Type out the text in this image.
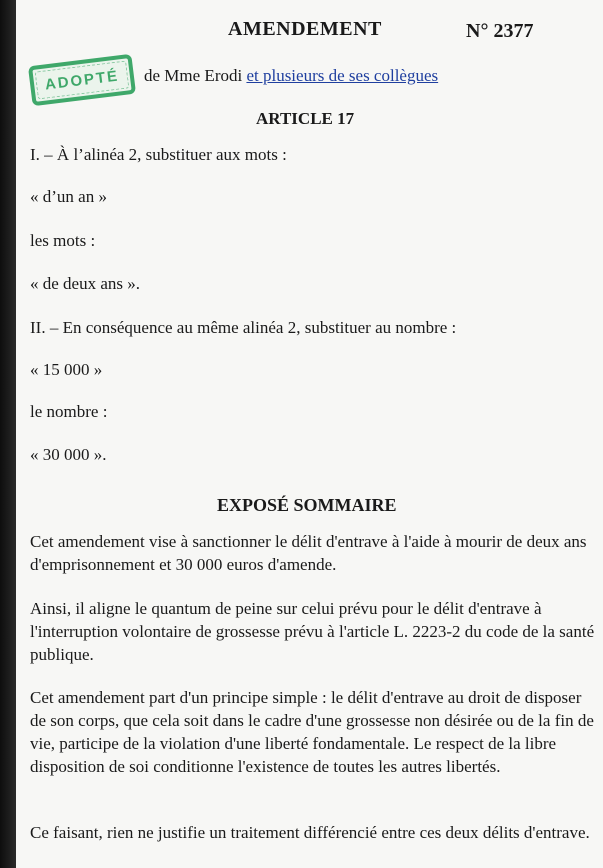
AMENDEMENT	N° 2377
ADOPTÉ de Mme Erodi et plusieurs de ses collègues
ARTICLE 17
I. – À l’alinéa 2, substituer aux mots :
« d’un an »
les mots :
« de deux ans ».
II. – En conséquence au même alinéa 2, substituer au nombre :
« 15 000 »
le nombre :
« 30 000 ».
EXPOSÉ SOMMAIRE
Cet amendement vise à sanctionner le délit d'entrave à l'aide à mourir de deux ans d'emprisonnement et 30 000 euros d'amende.
Ainsi, il aligne le quantum de peine sur celui prévu pour le délit d'entrave à l'interruption volontaire de grossesse prévu à l'article L. 2223-2 du code de la santé publique.
Cet amendement part d'un principe simple : le délit d'entrave au droit de disposer de son corps, que cela soit dans le cadre d'une grossesse non désirée ou de la fin de vie, participe de la violation d'une liberté fondamentale. Le respect de la libre disposition de soi conditionne l'existence de toutes les autres libertés.
Ce faisant, rien ne justifie un traitement différencié entre ces deux délits d'entrave.
